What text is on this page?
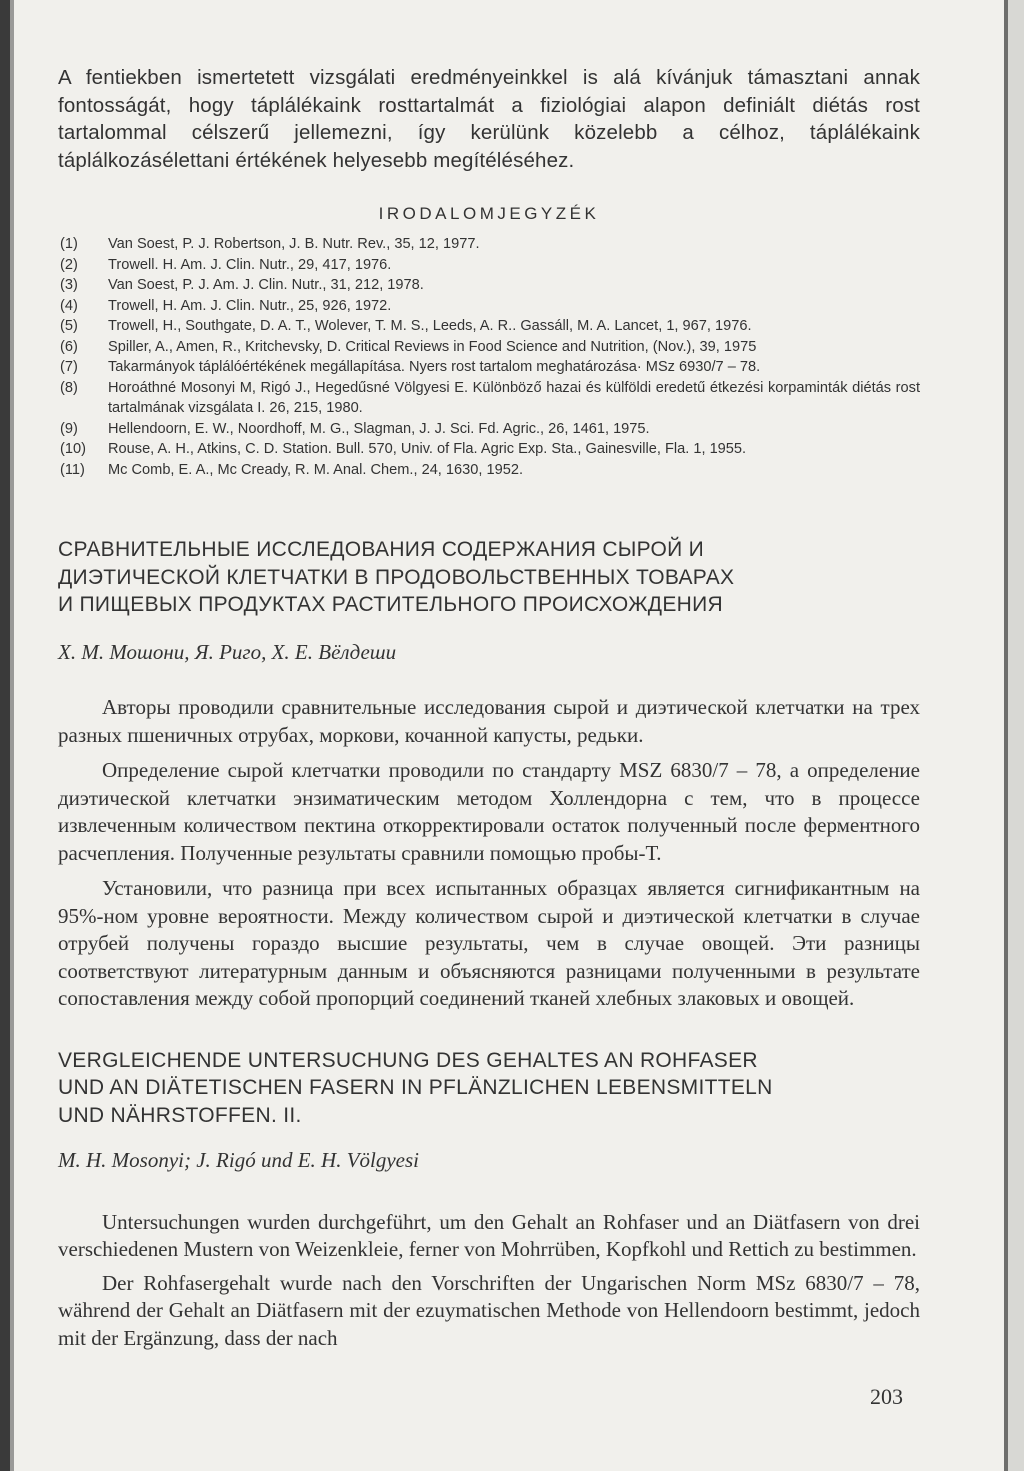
A fentiekben ismertetett vizsgálati eredményeinkkel is alá kívánjuk támasztani annak fontosságát, hogy táplálékaink rosttartalmát a fiziológiai alapon definiált diétás rost tartalommal célszerű jellemezni, így kerülünk közelebb a célhoz, táplálékaink táplálkozásélettani értékének helyesebb megítéléséhez.

IRODALOMJEGYZÉK
(1)	Van Soest, P. J. Robertson, J. B. Nutr. Rev., 35, 12, 1977.
(2)	Trowell. H. Am. J. Clin. Nutr., 29, 417, 1976.
(3)	Van Soest, P. J. Am. J. Clin. Nutr., 31, 212, 1978.
(4)	Trowell, H. Am. J. Clin. Nutr., 25, 926, 1972.
(5)	Trowell, H., Southgate, D. A. T., Wolever, T. M. S., Leeds, A. R.. Gassáll, M. A. Lancet, 1, 967, 1976.
(6)	Spiller, A., Amen, R., Kritchevsky, D. Critical Reviews in Food Science and Nutrition, (Nov.), 39, 1975
(7)	Takarmányok táplálóértékének megállapítása. Nyers rost tartalom meghatározása· MSz 6930/7 – 78.
(8)	Horoáthné Mosonyi M, Rigó J., Hegedűsné Völgyesi E. Különböző hazai és külföldi eredetű étkezési korpaminták diétás rost tartalmának vizsgálata I. 26, 215, 1980.
(9)	Hellendoorn, E. W., Noordhoff, M. G., Slagman, J. J. Sci. Fd. Agric., 26, 1461, 1975.
(10)	Rouse, A. H., Atkins, C. D. Station. Bull. 570, Univ. of Fla. Agric Exp. Sta., Gainesville, Fla. 1, 1955.
(11)	Mc Comb, E. A., Mc Cready, R. M. Anal. Chem., 24, 1630, 1952.

СРАВНИТЕЛЬНЫЕ ИССЛЕДОВАНИЯ СОДЕРЖАНИЯ СЫРОЙ И

ДИЭТИЧЕСКОЙ КЛЕТЧАТКИ В ПРОДОВОЛЬСТВЕННЫХ ТОВАРАХ

И ПИЩЕВЫХ ПРОДУКТАХ РАСТИТЕЛЬНОГО ПРОИСХОЖДЕНИЯ

Х. М. Мошони, Я. Риго, Х. Е. Вёлдеши

Авторы проводили сравнительные исследования сырой и диэтической клетчатки на трех разных пшеничных отрубах, моркови, кочанной капусты, редьки.

Определение сырой клетчатки проводили по стандарту MSZ 6830/7 – 78, а определение диэтической клетчатки энзиматическим методом Холлендорна с тем, что в процессе извлеченным количеством пектина откорректировали остаток полученный после ферментного расчепления. Полученные результаты сравнили помощью пробы-Т.

Установили, что разница при всех испытанных образцах является сигнификантным на 95%-ном уровне вероятности. Между количеством сырой и диэтической клетчатки в случае отрубей получены гораздо высшие результаты, чем в случае овощей. Эти разницы соответствуют литературным данным и объясняются разницами полученными в результате сопоставления между собой пропорций соединений тканей хлебных злаковых и овощей.

VERGLEICHENDE UNTERSUCHUNG DES GEHALTES AN ROHFASER

UND AN DIÄTETISCHEN FASERN IN PFLÄNZLICHEN LEBENSMITTELN

UND NÄHRSTOFFEN. II.

M. H. Mosonyi; J. Rigó und E. H. Völgyesi

Untersuchungen wurden durchgeführt, um den Gehalt an Rohfaser und an Diätfasern von drei verschiedenen Mustern von Weizenkleie, ferner von Mohrrüben, Kopfkohl und Rettich zu bestimmen.

Der Rohfasergehalt wurde nach den Vorschriften der Ungarischen Norm MSz 6830/7 – 78, während der Gehalt an Diätfasern mit der ezuymatischen Methode von Hellendoorn bestimmt, jedoch mit der Ergänzung, dass der nach

203
